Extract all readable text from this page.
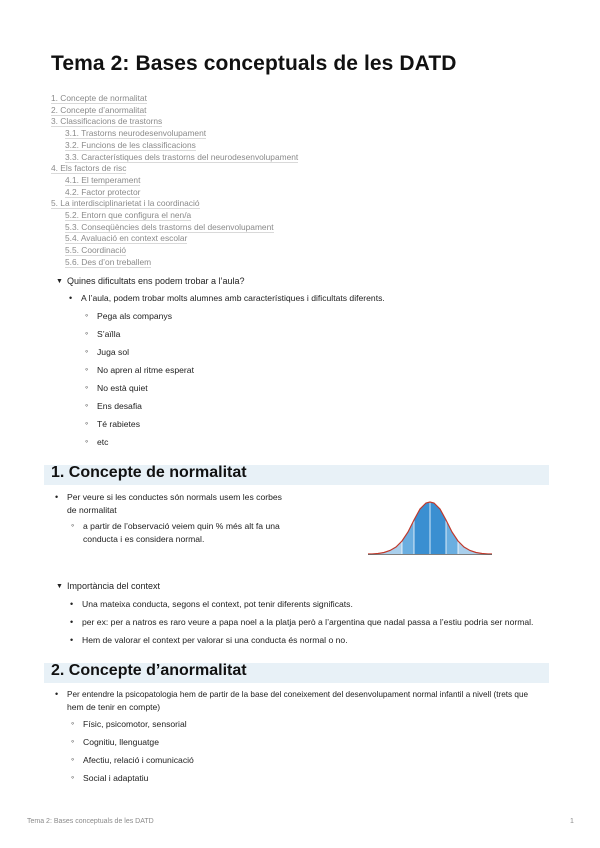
Tema 2: Bases conceptuals de les DATD
1. Concepte de normalitat
2. Concepte d’anormalitat
3. Classificacions de trastorns
3.1. Trastorns neurodesenvolupament
3.2. Funcions de les classificacions
3.3. Característiques dels trastorns del neurodesenvolupament
4. Els factors de risc
4.1. El temperament
4.2. Factor protector
5. La interdisciplinarietat i la coordinació
5.2. Entorn que configura el nen/a
5.3. Conseqüències dels trastorns del desenvolupament
5.4. Avaluació en context escolar
5.5. Coordinació
5.6. Des d’on treballem
▼ Quines dificultats ens podem trobar a l’aula?
• A l’aula, podem trobar molts alumnes amb característiques i dificultats diferents.
◦ Pega als companys
◦ S’aïlla
◦ Juga sol
◦ No apren al ritme esperat
◦ No està quiet
◦ Ens desafia
◦ Té rabietes
◦ etc
1. Concepte de normalitat
• Per veure si les conductes són normals usem les corbes
de normalitat
◦ a partir de l’observació veiem quin % més alt fa una
conducta i es considera normal.
▼ Importància del context
• Una mateixa conducta, segons el context, pot tenir diferents significats.
• per ex: per a natros es raro veure a papa noel a la platja però a l’argentina que nadal passa a l’estiu podria ser normal.
• Hem de valorar el context per valorar si una conducta és normal o no.
2. Concepte d’anormalitat
• Per entendre la psicopatologia hem de partir de la base del coneixement del desenvolupament normal infantil a nivell (trets que
hem de tenir en compte)
◦ Físic, psicomotor, sensorial
◦ Cognitiu, llenguatge
◦ Afectiu, relació i comunicació
◦ Social i adaptatiu
Tema 2: Bases conceptuals de les DATD	1
